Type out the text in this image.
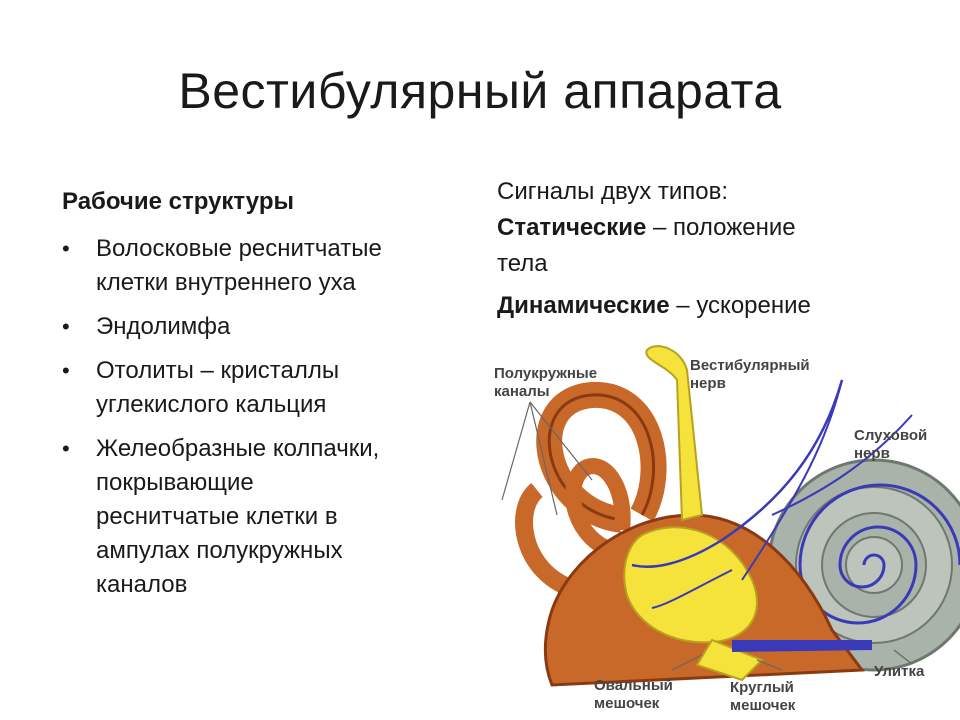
Вестибулярный аппарата
Рабочие структуры
• Волосковые реснитчатые
клетки внутреннего уха
• Эндолимфа
• Отолиты – кристаллы
углекислого кальция
• Желеобразные колпачки,
покрывающие
реснитчатые клетки в
ампулах полукружных
каналов
Сигналы двух типов:
Статические – положение
тела
Динамические – ускорение
Полукружные
каналы
Вестибулярный
нерв
Слуховой
нерв
Улитка
Овальный
мешочек
Круглый
мешочек
